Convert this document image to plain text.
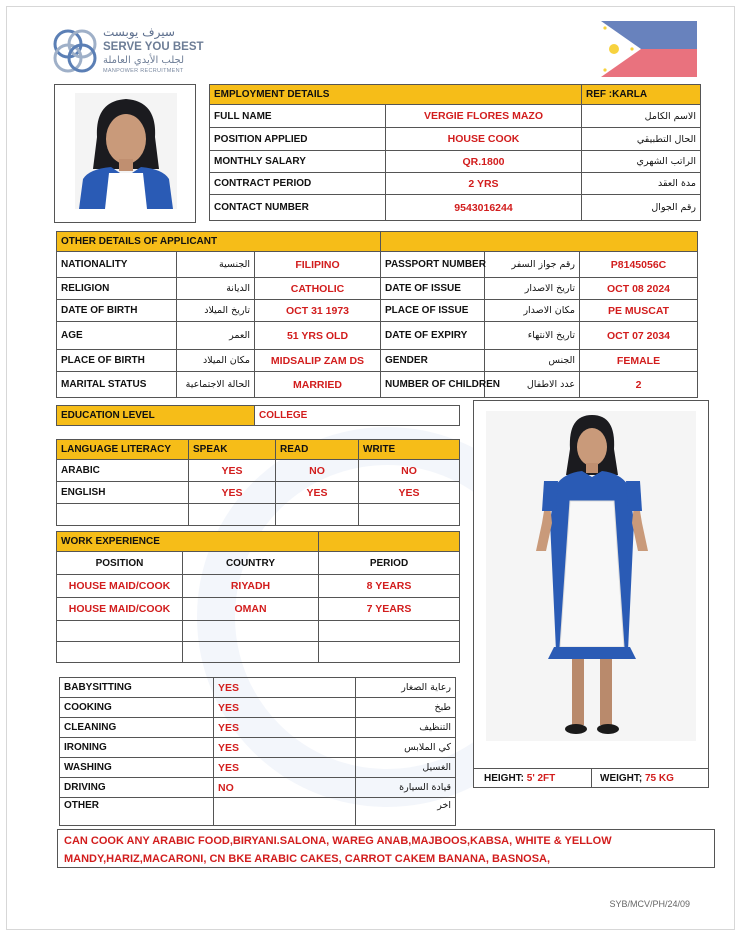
سيرف يوبست
SERVE YOU BEST
لجلب الأيدي العاملة
MANPOWER RECRUITMENT
EMPLOYMENT DETAILS		REF :KARLA
FULL NAME	VERGIE FLORES MAZO	الاسم الكامل
POSITION APPLIED	HOUSE COOK	الحال التطبيقي
MONTHLY SALARY	QR.1800	الراتب الشهري
CONTRACT PERIOD	2 YRS	مدة العقد
CONTACT NUMBER	9543016244	رقم الجوال
OTHER DETAILS OF APPLICANT					
NATIONALITY	الجنسية	FILIPINO	PASSPORT NUMBER	رقم جواز السفر	P8145056C
RELIGION	الديانة	CATHOLIC	DATE OF ISSUE	تاريخ الاصدار	OCT 08 2024
DATE OF BIRTH	تاريخ الميلاد	OCT 31 1973	PLACE OF ISSUE	مكان الاصدار	PE MUSCAT
AGE	العمر	51 YRS OLD	DATE OF EXPIRY	تاريخ الانتهاء	OCT 07 2034
PLACE OF BIRTH	مكان الميلاد	MIDSALIP ZAM DS	GENDER	الجنس	FEMALE
MARITAL STATUS	الحالة الاجتماعية	MARRIED	NUMBER OF CHILDREN	عدد الاطفال	2
EDUCATION LEVEL	COLLEGE
LANGUAGE LITERACY	SPEAK	READ	WRITE
ARABIC	YES	NO	NO
ENGLISH	YES	YES	YES

WORK EXPERIENCE		
POSITION	COUNTRY	PERIOD
HOUSE MAID/COOK	RIYADH	8 YEARS
HOUSE MAID/COOK	OMAN	7 YEARS

BABYSITTING	YES	رعاية الصغار
COOKING	YES	طبخ
CLEANING	YES	التنظيف
IRONING	YES	كي الملابس
WASHING	YES	الغسيل
DRIVING	NO	قيادة السيارة
OTHER		اخر
HEIGHT: 5' 2FT	WEIGHT; 75 KG
CAN COOK ANY ARABIC FOOD,BIRYANI.SALONA, WAREG ANAB,MAJBOOS,KABSA, WHITE & YELLOW MANDY,HARIZ,MACARONI, CN BKE ARABIC CAKES, CARROT CAKEM BANANA, BASNOSA,
SYB/MCV/PH/24/09
